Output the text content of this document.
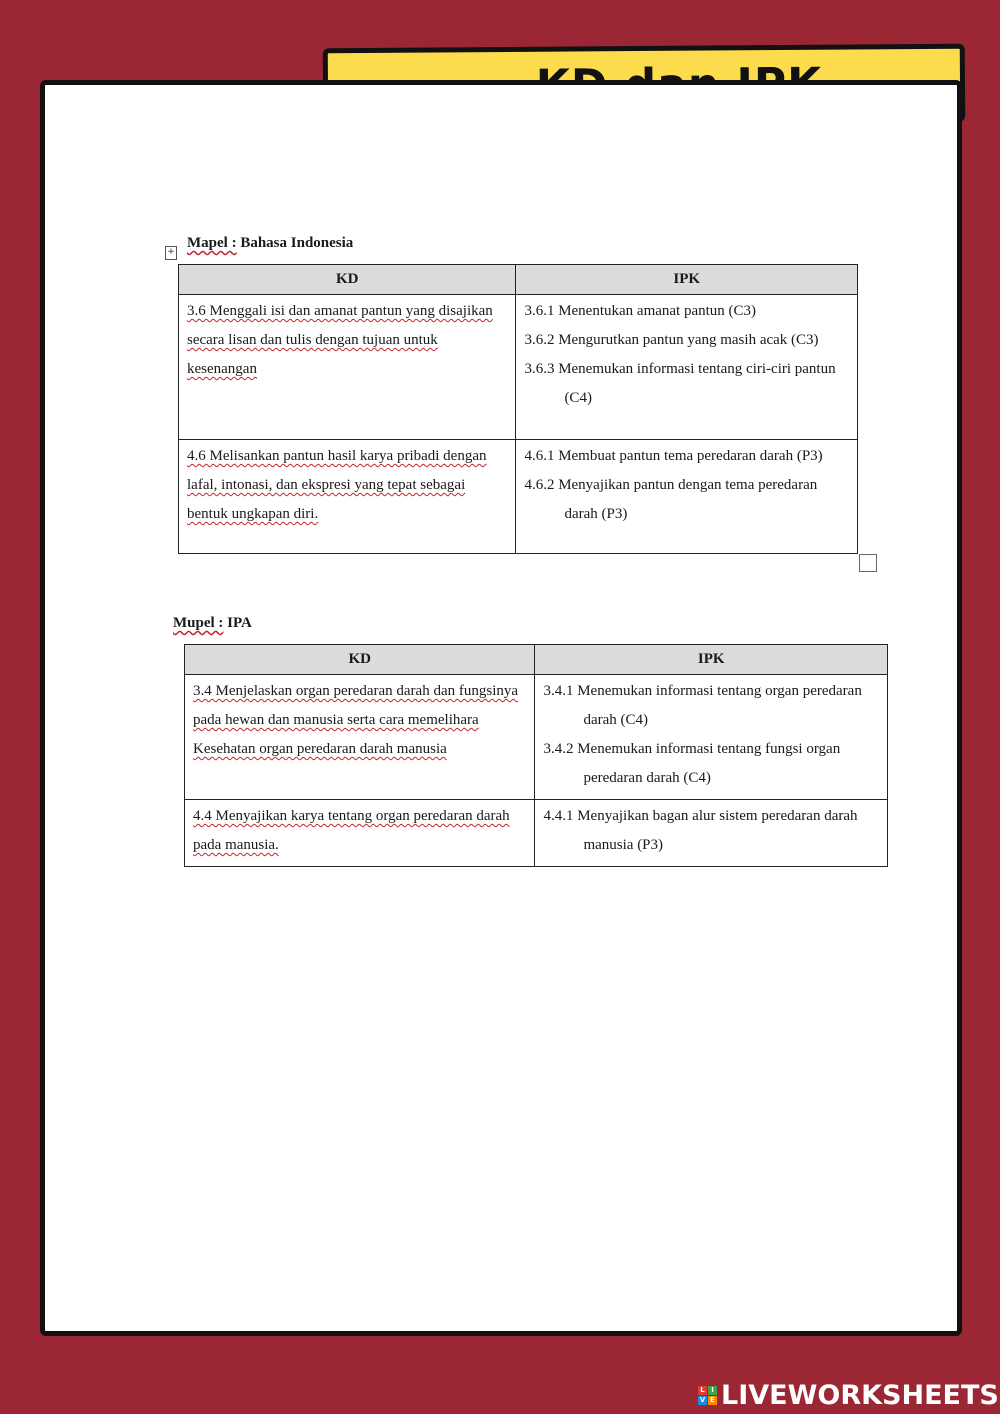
+
Mapel : Bahasa Indonesia
KD	IPK
3.6 Menggali isi dan amanat pantun yang disajikan secara lisan dan tulis dengan tujuan untuk kesenangan	3.6.1 Menentukan amanat pantun (C3)
3.6.2 Mengurutkan pantun yang masih acak (C3)
3.6.3 Menemukan informasi tentang ciri-ciri pantun (C4)

4.6 Melisankan pantun hasil karya pribadi dengan lafal, intonasi, dan ekspresi yang tepat sebagai bentuk ungkapan diri.	4.6.1 Membuat pantun tema peredaran darah (P3)
4.6.2 Menyajikan pantun dengan tema peredaran darah (P3)
Mupel : IPA
KD	IPK
3.4 Menjelaskan organ peredaran darah dan fungsinya pada hewan dan manusia serta cara memelihara Kesehatan organ peredaran darah manusia	3.4.1 Menemukan informasi tentang organ peredaran darah (C4)
3.4.2 Menemukan informasi tentang fungsi organ peredaran darah (C4)

4.4 Menyajikan karya tentang organ peredaran darah pada manusia.	4.4.1 Menyajikan bagan alur sistem peredaran darah manusia (P3)
L I
V E LIVEWORKSHEETS
